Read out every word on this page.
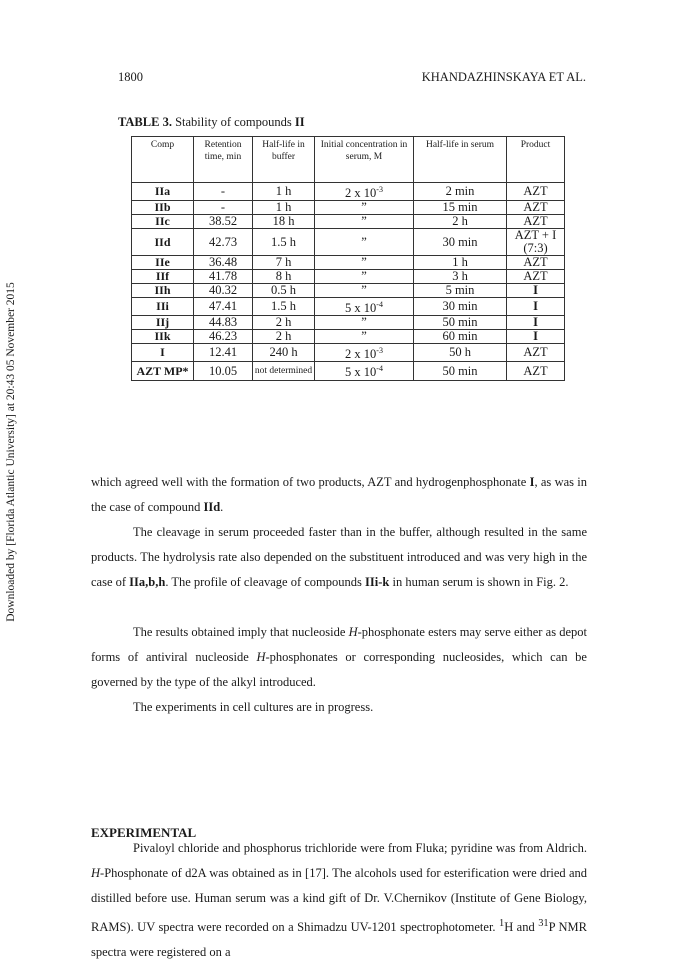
1800	KHANDAZHINSKAYA ET AL.
Downloaded by [Florida Atlantic University] at 20:43 05 November 2015
TABLE 3. Stability of compounds II
Comp	Retention time, min	Half-life in buffer	Initial concentration in serum, M	Half-life in serum	Product
IIa	-	1 h	2 x $10^{-3}$	2 min	AZT
IIb	-	1 h	”	15 min	AZT
IIc	38.52	18 h	”	2 h	AZT
IId	42.73	1.5 h	”	30 min	AZT + I
(7:3)

IIe	36.48	7 h	”	1 h	AZT
IIf	41.78	8 h	”	3 h	AZT
IIh	40.32	0.5 h	”	5 min	I
IIi	47.41	1.5 h	5 x $10^{-4}$	30 min	I
IIj	44.83	2 h	”	50 min	I
IIk	46.23	2 h	”	60 min	I
I	12.41	240 h	2 x $10^{-3}$	50 h	AZT
AZT MP*	10.05	not determined	5 x $10^{-4}$	50 min	AZT

which agreed well with the formation of two products, AZT and hydrogenphosphonate I, as was in the case of compound IId.

The cleavage in serum proceeded faster than in the buffer, although resulted in the same products. The hydrolysis rate also depended on the substituent introduced and was very high in the case of IIa,b,h. The profile of cleavage of compounds IIi-k in human serum is shown in Fig. 2.

The results obtained imply that nucleoside H-phosphonate esters may serve either as depot forms of antiviral nucleoside H-phosphonates or corresponding nucleosides, which can be governed by the type of the alkyl introduced.

The experiments in cell cultures are in progress.

EXPERIMENTAL

Pivaloyl chloride and phosphorus trichloride were from Fluka; pyridine was from Aldrich. H-Phosphonate of d2A was obtained as in [17]. The alcohols used for esterification were dried and distilled before use. Human serum was a kind gift of Dr. V.Chernikov (Institute of Gene Biology, RAMS). UV spectra were recorded on a Shimadzu UV-1201 spectrophotometer. $^1$H and $^{31}$P NMR spectra were registered on a
